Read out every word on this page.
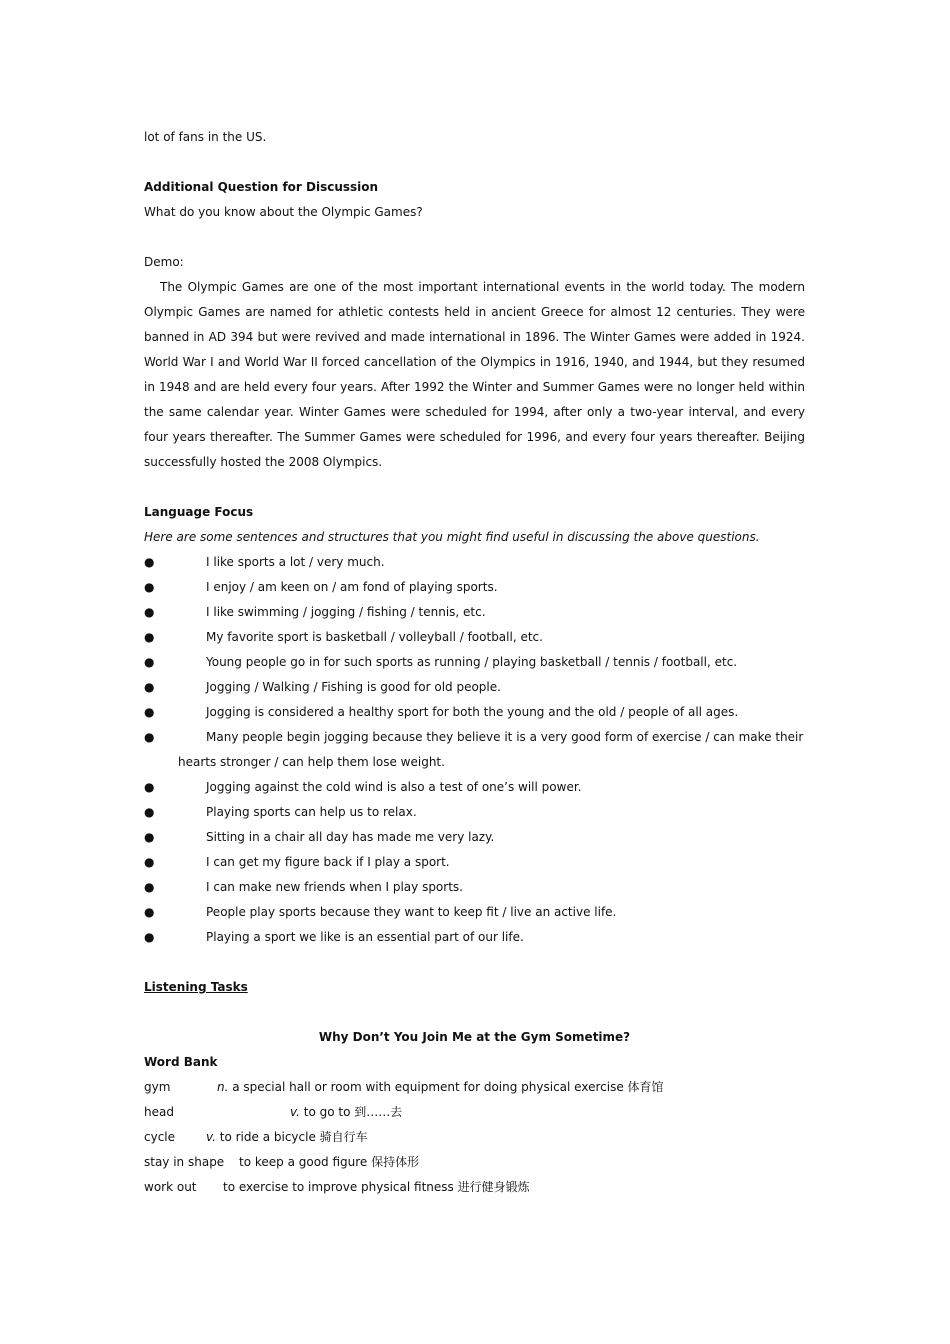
lot of fans in the US.
Additional Question for Discussion
What do you know about the Olympic Games?
Demo:

The Olympic Games are one of the most important international events in the world today. The modern Olympic Games are named for athletic contests held in ancient Greece for almost 12 centuries. They were banned in AD 394 but were revived and made international in 1896. The Winter Games were added in 1924. World War I and World War II forced cancellation of the Olympics in 1916, 1940, and 1944, but they resumed in 1948 and are held every four years. After 1992 the Winter and Summer Games were no longer held within the same calendar year. Winter Games were scheduled for 1994, after only a two-year interval, and every four years thereafter. The Summer Games were scheduled for 1996, and every four years thereafter. Beijing successfully hosted the 2008 Olympics.

Language Focus
Here are some sentences and structures that you might find useful in discussing the above questions.
●	I like sports a lot / very much.
●	I enjoy / am keen on / am fond of playing sports.
●	I like swimming / jogging / fishing / tennis, etc.
●	My favorite sport is basketball / volleyball / football, etc.
●	Young people go in for such sports as running / playing basketball / tennis / football, etc.
●	Jogging / Walking / Fishing is good for old people.
●	Jogging is considered a healthy sport for both the young and the old / people of all ages.
●	Many people begin jogging because they believe it is a very good form of exercise / can make their
hearts stronger / can help them lose weight.
●	Jogging against the cold wind is also a test of one’s will power.
●	Playing sports can help us to relax.
●	Sitting in a chair all day has made me very lazy.
●	I can get my figure back if I play a sport.
●	I can make new friends when I play sports.
●	People play sports because they want to keep fit / live an active life.
●	Playing a sport we like is an essential part of our life.
Listening Tasks
Why Don’t You Join Me at the Gym Sometime?
Word Bank
gym	n. a special hall or room with equipment for doing physical exercise 体育馆
head	v. to go to 到……去
cycle	v. to ride a bicycle 骑自行车
stay in shape to keep a good figure 保持体形
work out to exercise to improve physical fitness 进行健身锻炼
